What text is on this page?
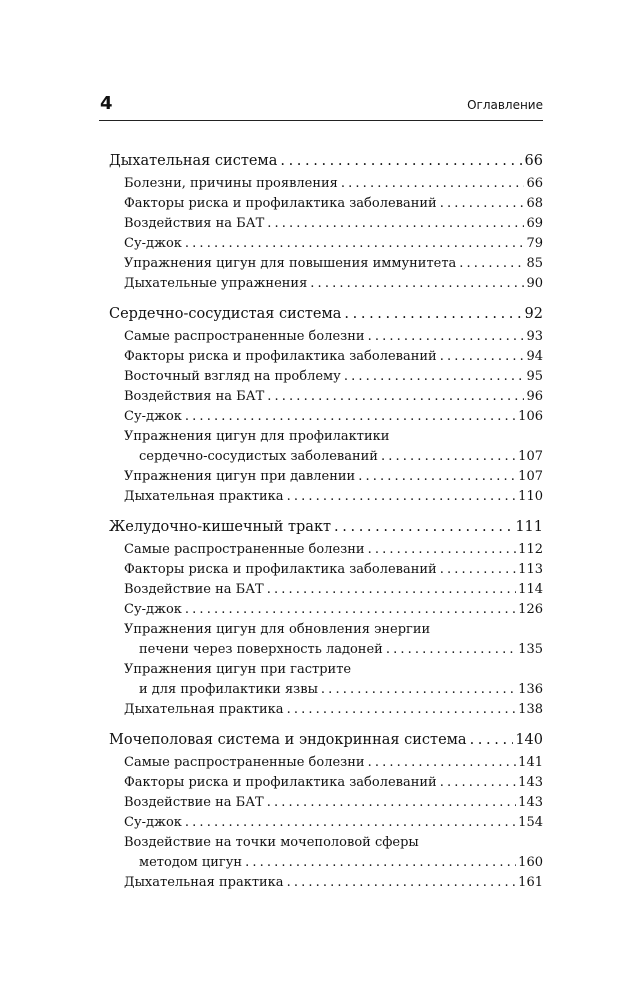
4	Оглавление
Дыхательная система . . .	66
Болезни, причины проявления . . .	66
Факторы риска и профилактика заболеваний . . .	68
Воздействия на БАТ . . .	69
Су-джок . . .	79
Упражнения цигун для повышения иммунитета . . .	85
Дыхательные упражнения . . .	90
Сердечно-сосудистая система . . .	92
Самые распространенные болезни . . .	93
Факторы риска и профилактика заболеваний . . .	94
Восточный взгляд на проблему . . .	95
Воздействия на БАТ . . .	96
Су-джок . . .	106
Упражнения цигун для профилактики
сердечно-сосудистых заболеваний . . .	107
Упражнения цигун при давлении . . .	107
Дыхательная практика . . .	110
Желудочно-кишечный тракт . . .	111
Самые распространенные болезни . . .	112
Факторы риска и профилактика заболеваний . . .	113
Воздействие на БАТ . . .	114
Су-джок . . .	126
Упражнения цигун для обновления энергии
печени через поверхность ладоней . . .	135
Упражнения цигун при гастрите
и для профилактики язвы . . .	136
Дыхательная практика . . .	138
Мочеполовая система и эндокринная система . . .	140
Самые распространенные болезни . . .	141
Факторы риска и профилактика заболеваний . . .	143
Воздействие на БАТ . . .	143
Су-джок . . .	154
Воздействие на точки мочеполовой сферы
методом цигун . . .	160
Дыхательная практика . . .	161
